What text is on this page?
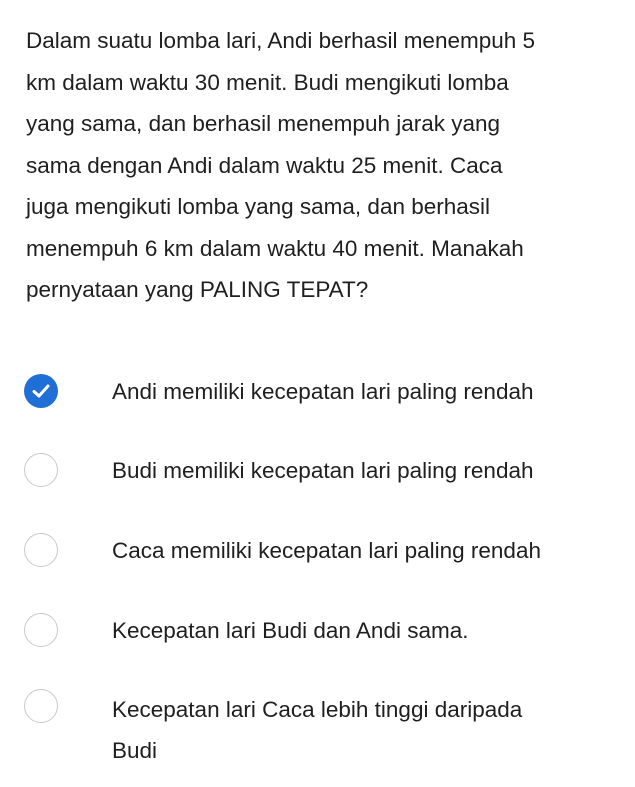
Dalam suatu lomba lari, Andi berhasil menempuh 5
km dalam waktu 30 menit. Budi mengikuti lomba
yang sama, dan berhasil menempuh jarak yang
sama dengan Andi dalam waktu 25 menit. Caca
juga mengikuti lomba yang sama, dan berhasil
menempuh 6 km dalam waktu 40 menit. Manakah
pernyataan yang PALING TEPAT?

Andi memiliki kecepatan lari paling rendah
Budi memiliki kecepatan lari paling rendah
Caca memiliki kecepatan lari paling rendah
Kecepatan lari Budi dan Andi sama.
Kecepatan lari Caca lebih tinggi daripada
Budi
